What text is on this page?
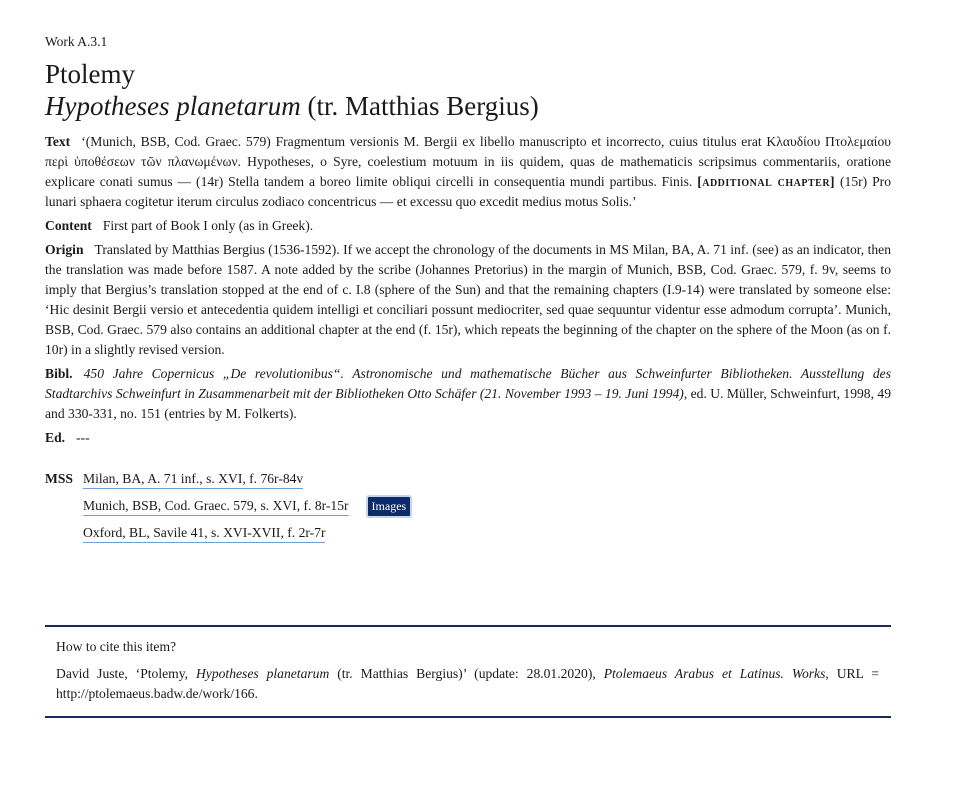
Work A.3.1
Ptolemy
Hypotheses planetarum (tr. Matthias Bergius)

Text ‘(Munich, BSB, Cod. Graec. 579) Fragmentum versionis M. Bergii ex libello manuscripto et incorrecto, cuius titulus erat Κλαυδίου Πτολεμαίου περὶ ὑποθέσεων τῶν πλανωμένων. Hypotheses, o Syre, coelestium motuum in iis quidem, quas de mathematicis scripsimus commentariis, oratione explicare conati sumus — (14r) Stella tandem a boreo limite obliqui circelli in consequentia mundi partibus. Finis. [additional chapter] (15r) Pro lunari sphaera cogitetur iterum circulus zodiaco concentricus — et excessu quo excedit medius motus Solis.’

Content First part of Book I only (as in Greek).

Origin Translated by Matthias Bergius (1536-1592). If we accept the chronology of the documents in MS Milan, BA, A. 71 inf. (see) as an indicator, then the translation was made before 1587. A note added by the scribe (Johannes Pretorius) in the margin of Munich, BSB, Cod. Graec. 579, f. 9v, seems to imply that Bergius’s translation stopped at the end of c. I.8 (sphere of the Sun) and that the remaining chapters (I.9-14) were translated by someone else: ‘Hic desinit Bergii versio et antecedentia quidem intelligi et conciliari possunt mediocriter, sed quae sequuntur videntur esse admodum corrupta’. Munich, BSB, Cod. Graec. 579 also contains an additional chapter at the end (f. 15r), which repeats the beginning of the chapter on the sphere of the Moon (as on f. 10r) in a slightly revised version.

Bibl. 450 Jahre Copernicus „De revolutionibus“. Astronomische und mathematische Bücher aus Schweinfurter Bibliotheken. Ausstellung des Stadtarchivs Schweinfurt in Zusammenarbeit mit der Bibliotheken Otto Schäfer (21. November 1993 – 19. Juni 1994), ed. U. Müller, Schweinfurt, 1998, 49 and 330-331, no. 151 (entries by M. Folkerts).

Ed. ---

MSS Milan, BA, A. 71 inf., s. XVI, f. 76r-84v
Munich, BSB, Cod. Graec. 579, s. XVI, f. 8r-15r	Images
Oxford, BL, Savile 41, s. XVI-XVII, f. 2r-7r
How to cite this item?

David Juste, ‘Ptolemy, Hypotheses planetarum (tr. Matthias Bergius)’ (update: 28.01.2020), Ptolemaeus Arabus et Latinus. Works, URL = http://ptolemaeus.badw.de/work/166.
